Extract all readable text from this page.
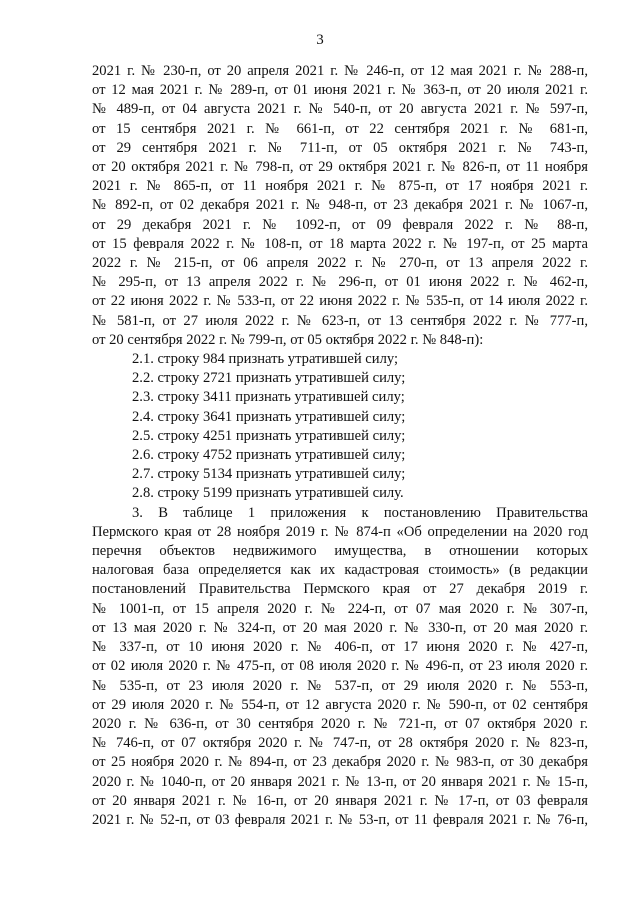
3
2021 г. № 230-п, от 20 апреля 2021 г. № 246-п, от 12 мая 2021 г. № 288-п,
от 12 мая 2021 г. № 289-п, от 01 июня 2021 г. № 363-п, от 20 июля 2021 г.
№ 489-п, от 04 августа 2021 г. № 540-п, от 20 августа 2021 г. № 597-п,
от 15 сентября 2021 г. № 661-п, от 22 сентября 2021 г. № 681-п,
от 29 сентября 2021 г. № 711-п, от 05 октября 2021 г. № 743-п,
от 20 октября 2021 г. № 798-п, от 29 октября 2021 г. № 826-п, от 11 ноября
2021 г. № 865-п, от 11 ноября 2021 г. № 875-п, от 17 ноября 2021 г.
№ 892-п, от 02 декабря 2021 г. № 948-п, от 23 декабря 2021 г. № 1067-п,
от 29 декабря 2021 г. № 1092-п, от 09 февраля 2022 г. № 88-п,
от 15 февраля 2022 г. № 108-п, от 18 марта 2022 г. № 197-п, от 25 марта
2022 г. № 215-п, от 06 апреля 2022 г. № 270-п, от 13 апреля 2022 г.
№ 295-п, от 13 апреля 2022 г. № 296-п, от 01 июня 2022 г. № 462-п,
от 22 июня 2022 г. № 533-п, от 22 июня 2022 г. № 535-п, от 14 июля 2022 г.
№ 581-п, от 27 июля 2022 г. № 623-п, от 13 сентября 2022 г. № 777-п,
от 20 сентября 2022 г. № 799-п, от 05 октября 2022 г. № 848-п):
2.1. строку 984 признать утратившей силу;
2.2. строку 2721 признать утратившей силу;
2.3. строку 3411 признать утратившей силу;
2.4. строку 3641 признать утратившей силу;
2.5. строку 4251 признать утратившей силу;
2.6. строку 4752 признать утратившей силу;
2.7. строку 5134 признать утратившей силу;
2.8. строку 5199 признать утратившей силу.
3. В таблице 1 приложения к постановлению Правительства
Пермского края от 28 ноября 2019 г. № 874-п «Об определении на 2020 год
перечня объектов недвижимого имущества, в отношении которых
налоговая база определяется как их кадастровая стоимость» (в редакции
постановлений Правительства Пермского края от 27 декабря 2019 г.
№ 1001-п, от 15 апреля 2020 г. № 224-п, от 07 мая 2020 г. № 307-п,
от 13 мая 2020 г. № 324-п, от 20 мая 2020 г. № 330-п, от 20 мая 2020 г.
№ 337-п, от 10 июня 2020 г. № 406-п, от 17 июня 2020 г. № 427-п,
от 02 июля 2020 г. № 475-п, от 08 июля 2020 г. № 496-п, от 23 июля 2020 г.
№ 535-п, от 23 июля 2020 г. № 537-п, от 29 июля 2020 г. № 553-п,
от 29 июля 2020 г. № 554-п, от 12 августа 2020 г. № 590-п, от 02 сентября
2020 г. № 636-п, от 30 сентября 2020 г. № 721-п, от 07 октября 2020 г.
№ 746-п, от 07 октября 2020 г. № 747-п, от 28 октября 2020 г. № 823-п,
от 25 ноября 2020 г. № 894-п, от 23 декабря 2020 г. № 983-п, от 30 декабря
2020 г. № 1040-п, от 20 января 2021 г. № 13-п, от 20 января 2021 г. № 15-п,
от 20 января 2021 г. № 16-п, от 20 января 2021 г. № 17-п, от 03 февраля
2021 г. № 52-п, от 03 февраля 2021 г. № 53-п, от 11 февраля 2021 г. № 76-п,
